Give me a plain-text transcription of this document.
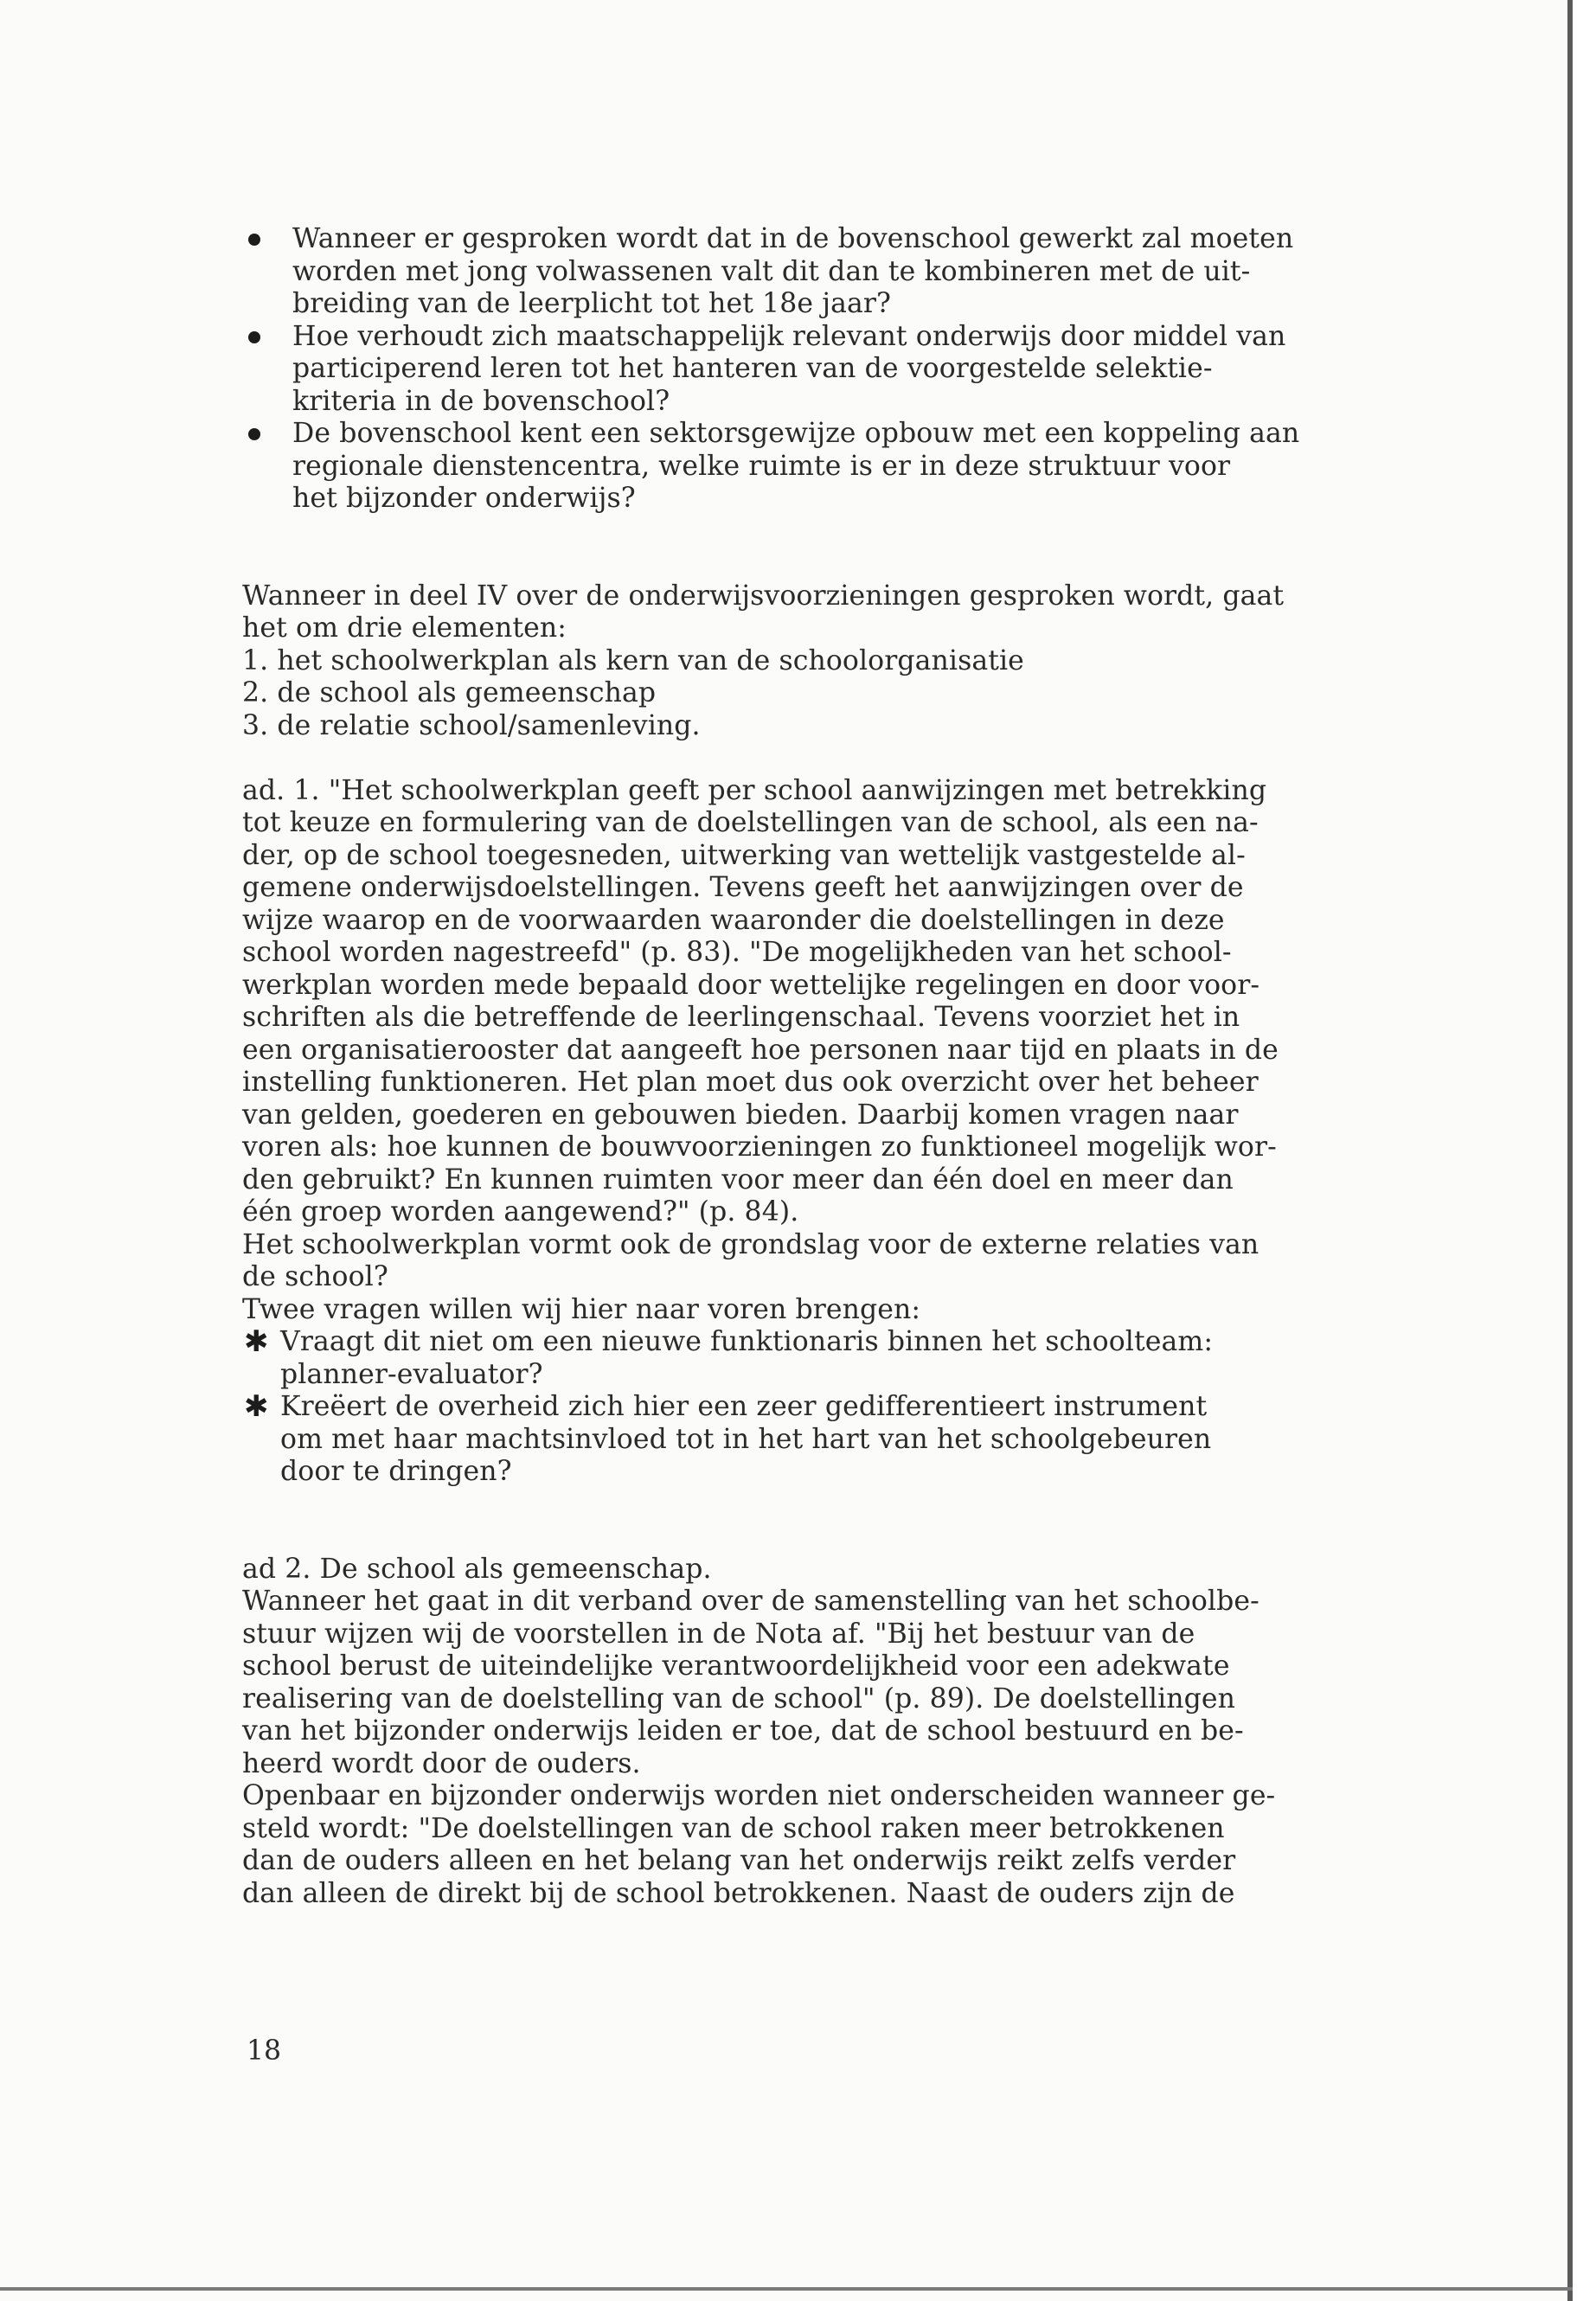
Wanneer er gesproken wordt dat in de bovenschool gewerkt zal moeten

worden met jong volwassenen valt dit dan te kombineren met de uit-

breiding van de leerplicht tot het 18e jaar?

Hoe verhoudt zich maatschappelijk relevant onderwijs door middel van

participerend leren tot het hanteren van de voorgestelde selektie-

kriteria in de bovenschool?

De bovenschool kent een sektorsgewijze opbouw met een koppeling aan

regionale dienstencentra, welke ruimte is er in deze struktuur voor

het bijzonder onderwijs?

Wanneer in deel IV over de onderwijsvoorzieningen gesproken wordt, gaat

het om drie elementen:

1. het schoolwerkplan als kern van de schoolorganisatie

2. de school als gemeenschap

3. de relatie school/samenleving.

ad. 1. "Het schoolwerkplan geeft per school aanwijzingen met betrekking

tot keuze en formulering van de doelstellingen van de school, als een na-

der, op de school toegesneden, uitwerking van wettelijk vastgestelde al-

gemene onderwijsdoelstellingen. Tevens geeft het aanwijzingen over de

wijze waarop en de voorwaarden waaronder die doelstellingen in deze

school worden nagestreefd" (p. 83). "De mogelijkheden van het school-

werkplan worden mede bepaald door wettelijke regelingen en door voor-

schriften als die betreffende de leerlingenschaal. Tevens voorziet het in

een organisatierooster dat aangeeft hoe personen naar tijd en plaats in de

instelling funktioneren. Het plan moet dus ook overzicht over het beheer

van gelden, goederen en gebouwen bieden. Daarbij komen vragen naar

voren als: hoe kunnen de bouwvoorzieningen zo funktioneel mogelijk wor-

den gebruikt? En kunnen ruimten voor meer dan één doel en meer dan

één groep worden aangewend?" (p. 84).

Het schoolwerkplan vormt ook de grondslag voor de externe relaties van

de school?

Twee vragen willen wij hier naar voren brengen:

✱ Vraagt dit niet om een nieuwe funktionaris binnen het schoolteam:

planner-evaluator?

✱ Kreëert de overheid zich hier een zeer gedifferentieert instrument

om met haar machtsinvloed tot in het hart van het schoolgebeuren

door te dringen?

ad 2. De school als gemeenschap.

Wanneer het gaat in dit verband over de samenstelling van het schoolbe-

stuur wijzen wij de voorstellen in de Nota af. "Bij het bestuur van de

school berust de uiteindelijke verantwoordelijkheid voor een adekwate

realisering van de doelstelling van de school" (p. 89). De doelstellingen

van het bijzonder onderwijs leiden er toe, dat de school bestuurd en be-

heerd wordt door de ouders.

Openbaar en bijzonder onderwijs worden niet onderscheiden wanneer ge-

steld wordt: "De doelstellingen van de school raken meer betrokkenen

dan de ouders alleen en het belang van het onderwijs reikt zelfs verder

dan alleen de direkt bij de school betrokkenen. Naast de ouders zijn de

18
